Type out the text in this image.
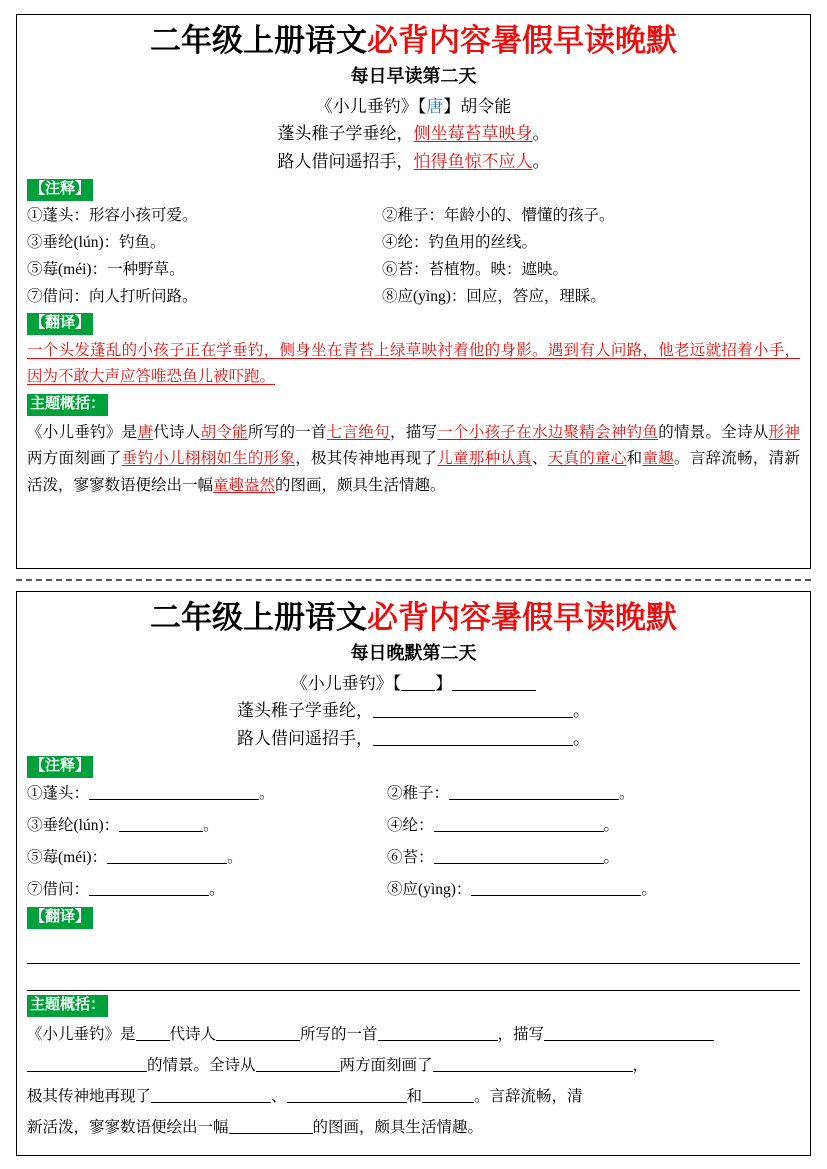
二年级上册语文必背内容暑假早读晚默
每日早读第二天
《小儿垂钓》【唐】胡令能
蓬头稚子学垂纶，侧坐莓苔草映身。
路人借问遥招手，怕得鱼惊不应人。
【注释】
①蓬头：形容小孩可爱。	②稚子：年龄小的、懵懂的孩子。
③垂纶(lún)：钓鱼。	④纶：钓鱼用的丝线。
⑤莓(méi)：一种野草。	⑥苔：苔植物。映：遮映。
⑦借问：向人打听问路。	⑧应(yìng)：回应，答应，理睬。
【翻译】
一个头发蓬乱的小孩子正在学垂钓，侧身坐在青苔上绿草映衬着他的身影。遇到有人问路，他老远就招着小手，因为不敢大声应答唯恐鱼儿被吓跑。
主题概括：
《小儿垂钓》是唐代诗人胡令能所写的一首七言绝句，描写一个小孩子在水边聚精会神钓鱼的情景。全诗从形神两方面刻画了垂钓小儿栩栩如生的形象，极其传神地再现了儿童那种认真、天真的童心和童趣。言辞流畅，清新活泼，寥寥数语便绘出一幅童趣盎然的图画，颇具生活情趣。
二年级上册语文必背内容暑假早读晚默
每日晚默第二天
《小儿垂钓》【 】
蓬头稚子学垂纶，	。
路人借问遥招手，	。
【注释】
①蓬头：	。	②稚子：	。
③垂纶(lún)：	。	④纶：	。
⑤莓(méi)：	。	⑥苔：	。
⑦借问：	。	⑧应(yìng)：	。
【翻译】
主题概括：

《小儿垂钓》是 代诗人	所写的一首	，描写

的情景。全诗从	两方面刻画了	，

极其传神地再现了	、	和	。言辞流畅，清

新活泼，寥寥数语便绘出一幅	的图画，颇具生活情趣。
